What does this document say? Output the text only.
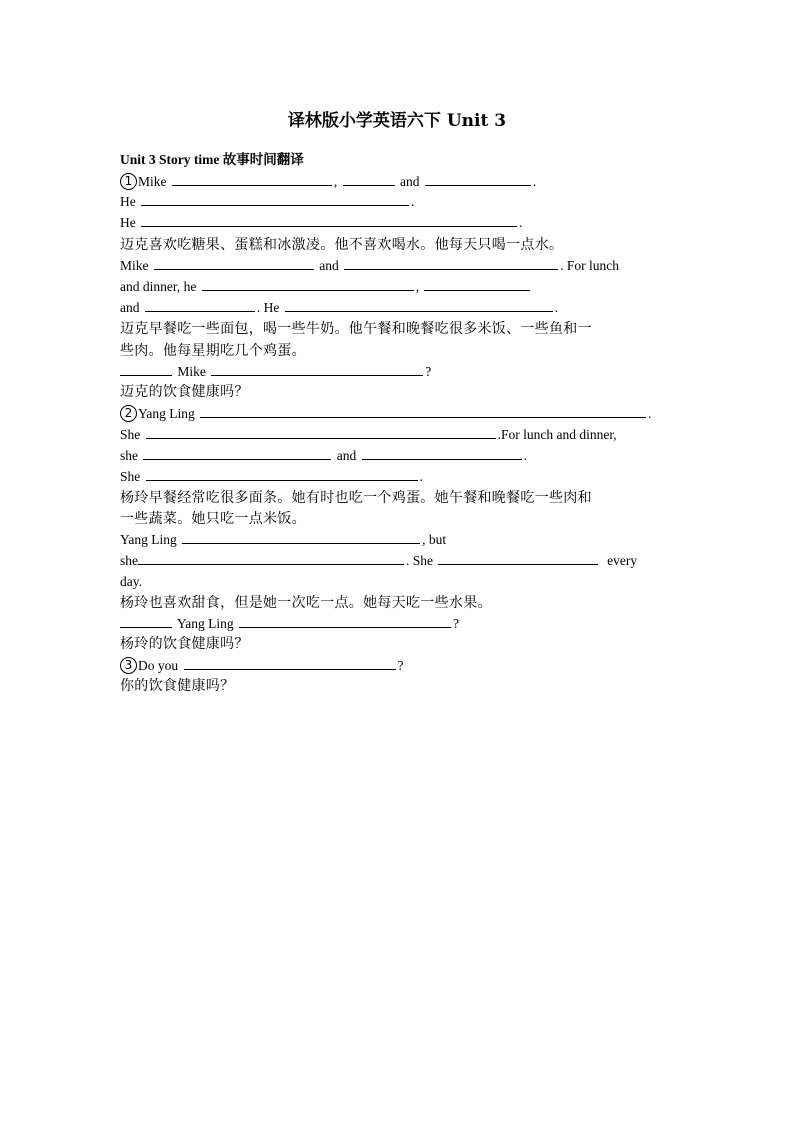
译林版小学英语六下 Unit 3
Unit 3 Story time 故事时间翻译
1 Mike	,	and	.
He	.
He	.
迈克喜欢吃糖果、蛋糕和冰激凌。他不喜欢喝水。他每天只喝一点水。
Mike	and	. For lunch
and dinner, he	,
and	. He	.
迈克早餐吃一些面包，喝一些牛奶。他午餐和晚餐吃很多米饭、一些鱼和一
些肉。他每星期吃几个鸡蛋。
Mike	?
迈克的饮食健康吗？
2 Yang Ling	.
She	.For lunch and dinner,
she	and	.
She	.
杨玲早餐经常吃很多面条。她有时也吃一个鸡蛋。她午餐和晚餐吃一些肉和
一些蔬菜。她只吃一点米饭。
Yang Ling	, but
she	. She	every
day.
杨玲也喜欢甜食，但是她一次吃一点。她每天吃一些水果。
Yang Ling	?
杨玲的饮食健康吗？
3 Do you	?
你的饮食健康吗？
